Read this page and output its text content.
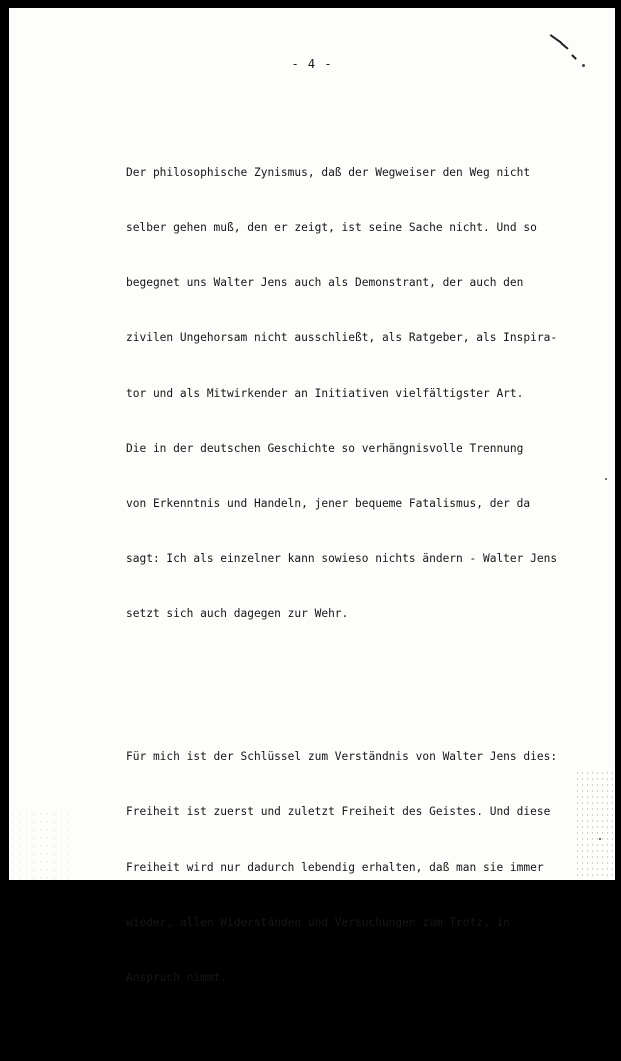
- 4 -

Der philosophische Zynismus, daß der Wegweiser den Weg nicht

selber gehen muß, den er zeigt, ist seine Sache nicht. Und so

begegnet uns Walter Jens auch als Demonstrant, der auch den

zivilen Ungehorsam nicht ausschließt, als Ratgeber, als Inspira-

tor und als Mitwirkender an Initiativen vielfältigster Art.

Die in der deutschen Geschichte so verhängnisvolle Trennung

von Erkenntnis und Handeln, jener bequeme Fatalismus, der da

sagt: Ich als einzelner kann sowieso nichts ändern - Walter Jens

setzt sich auch dagegen zur Wehr.

Für mich ist der Schlüssel zum Verständnis von Walter Jens dies:

Freiheit ist zuerst und zuletzt Freiheit des Geistes. Und diese

Freiheit wird nur dadurch lebendig erhalten, daß man sie immer

wieder, allen Widerständen und Versuchungen zum Trotz, in

Anspruch nimmt.
